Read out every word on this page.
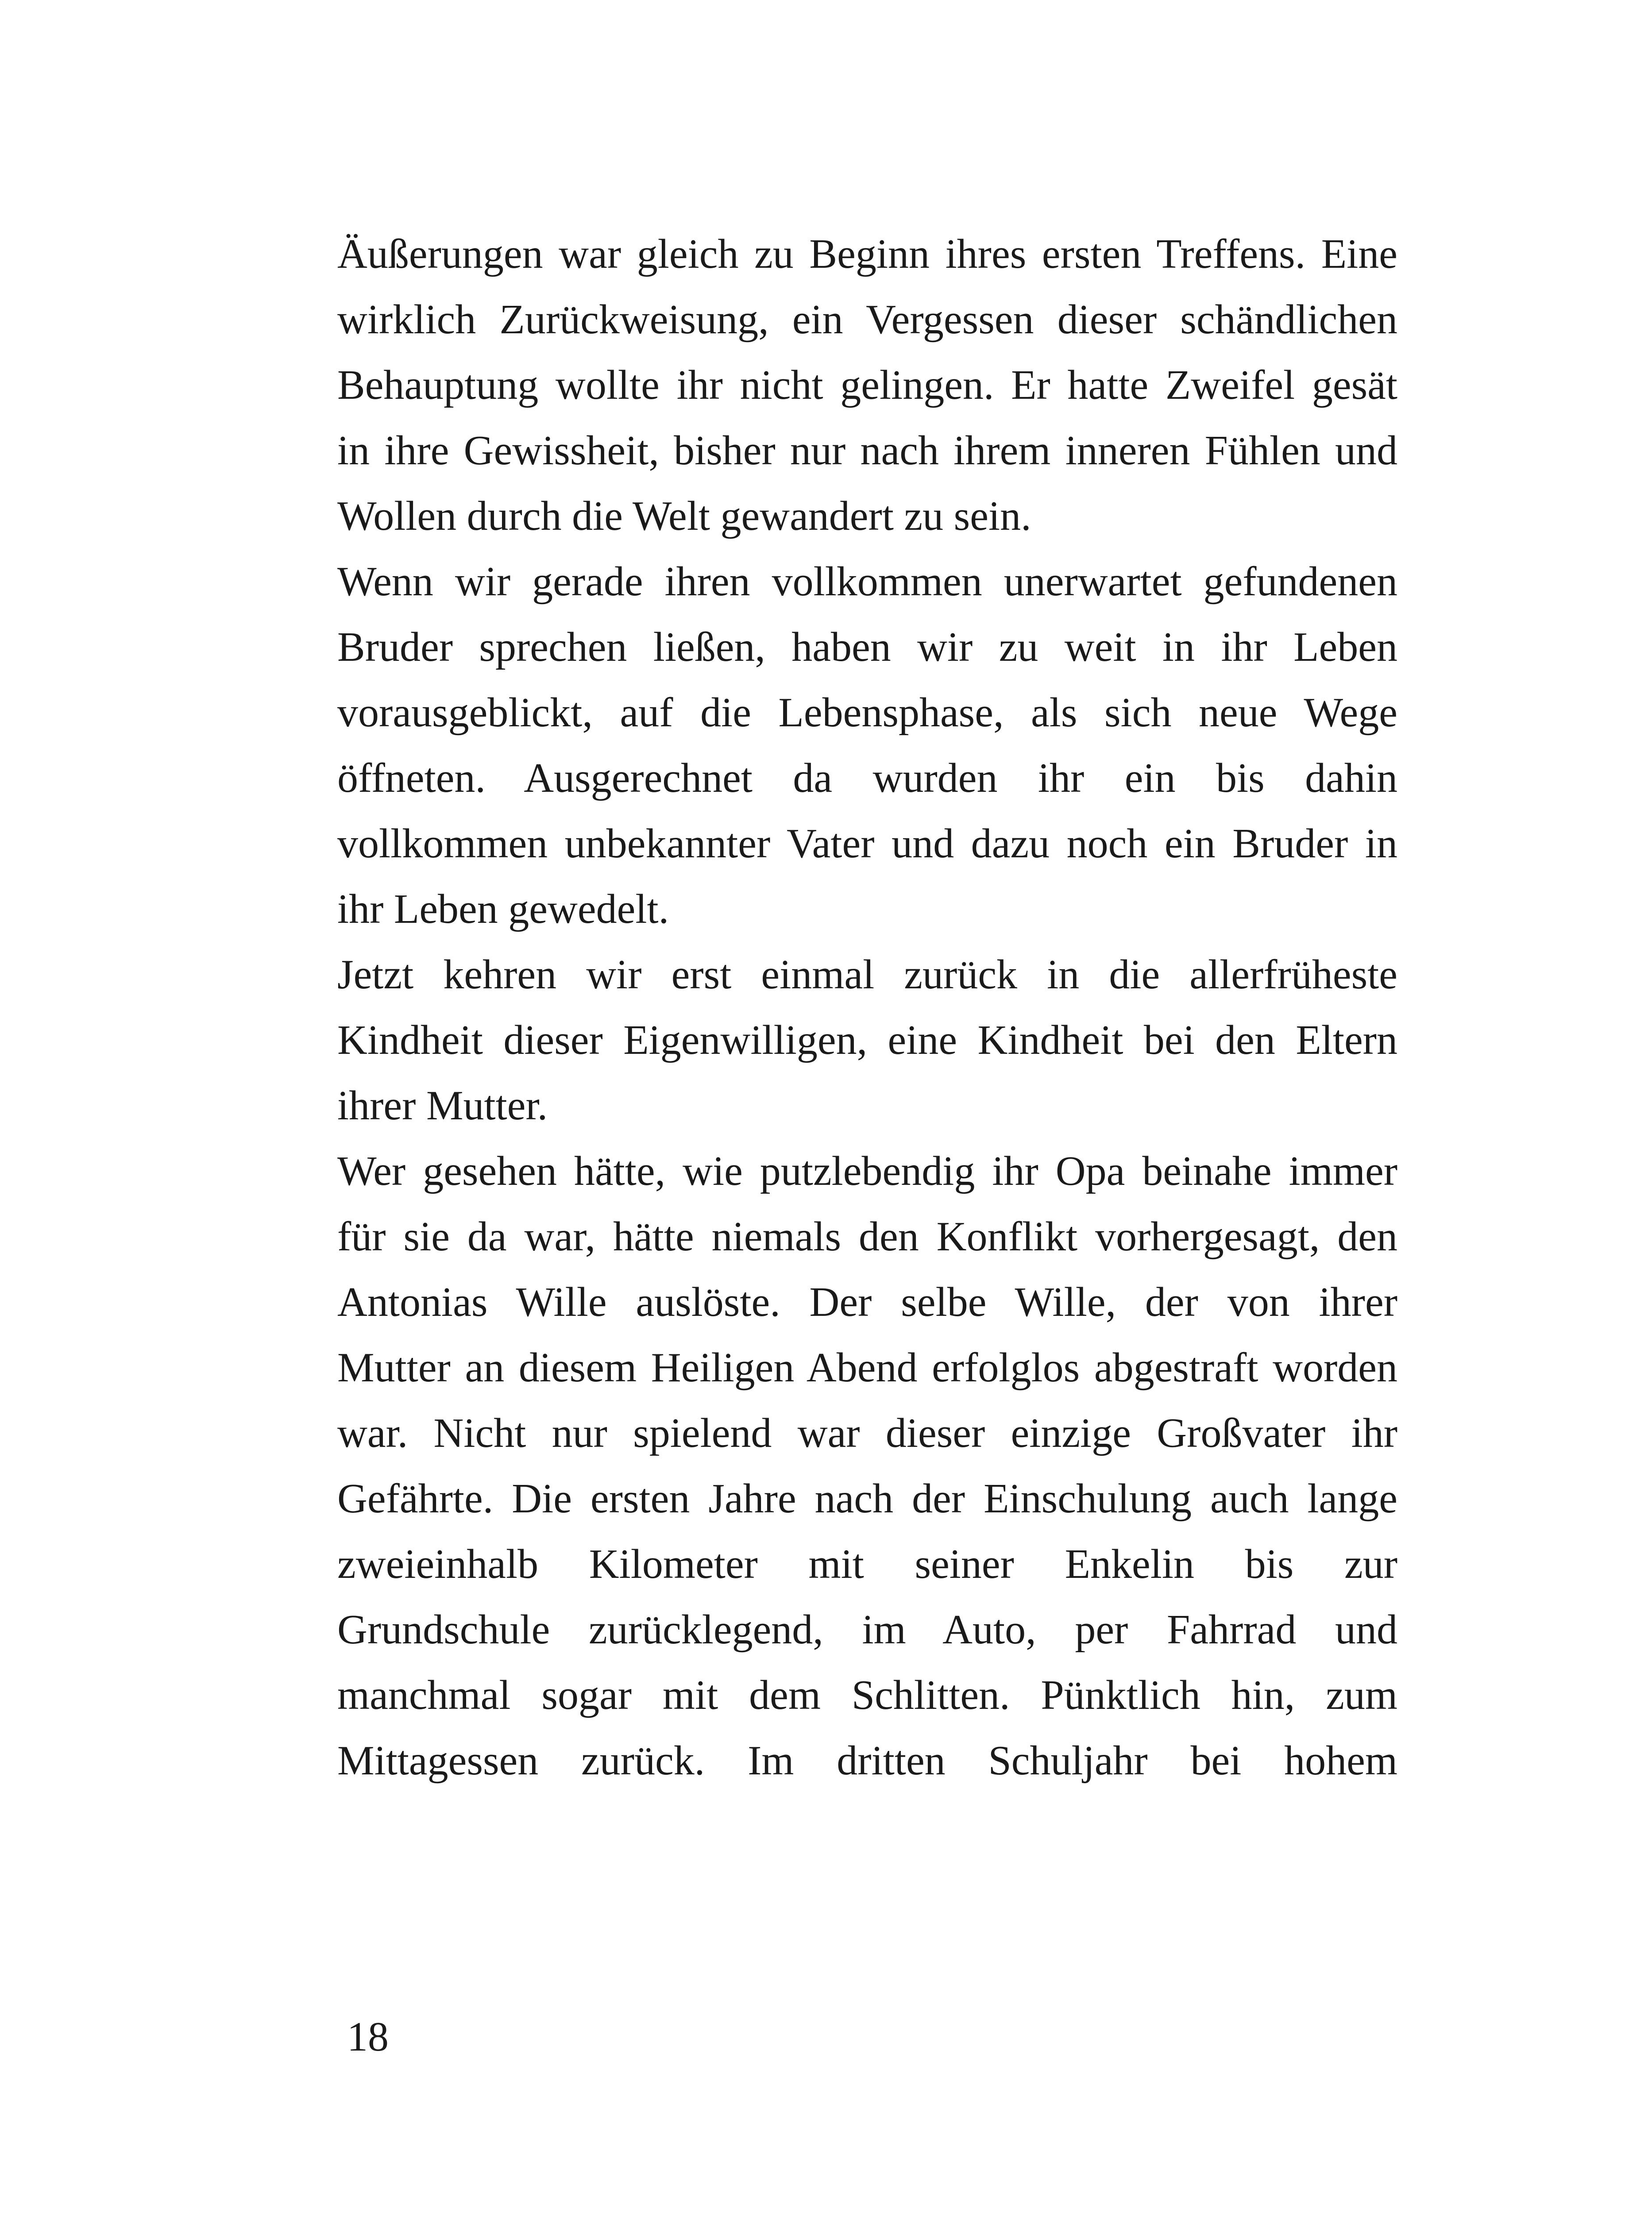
Äußerungen war gleich zu Beginn ihres ersten Treffens. Eine
wirklich Zurückweisung, ein Vergessen dieser schändlichen
Behauptung wollte ihr nicht gelingen. Er hatte Zweifel gesät
in ihre Gewissheit, bisher nur nach ihrem inneren Fühlen und
Wollen durch die Welt gewandert zu sein.
Wenn wir gerade ihren vollkommen unerwartet gefundenen
Bruder sprechen ließen, haben wir zu weit in ihr Leben
vorausgeblickt, auf die Lebensphase, als sich neue Wege
öffneten. Ausgerechnet da wurden ihr ein bis dahin
vollkommen unbekannter Vater und dazu noch ein Bruder in
ihr Leben gewedelt.
Jetzt kehren wir erst einmal zurück in die allerfrüheste
Kindheit dieser Eigenwilligen, eine Kindheit bei den Eltern
ihrer Mutter.
Wer gesehen hätte, wie putzlebendig ihr Opa beinahe immer
für sie da war, hätte niemals den Konflikt vorhergesagt, den
Antonias Wille auslöste. Der selbe Wille, der von ihrer
Mutter an diesem Heiligen Abend erfolglos abgestraft worden
war. Nicht nur spielend war dieser einzige Großvater ihr
Gefährte. Die ersten Jahre nach der Einschulung auch lange
zweieinhalb Kilometer mit seiner Enkelin bis zur
Grundschule zurücklegend, im Auto, per Fahrrad und
manchmal sogar mit dem Schlitten. Pünktlich hin, zum
Mittagessen zurück. Im dritten Schuljahr bei hohem
18
